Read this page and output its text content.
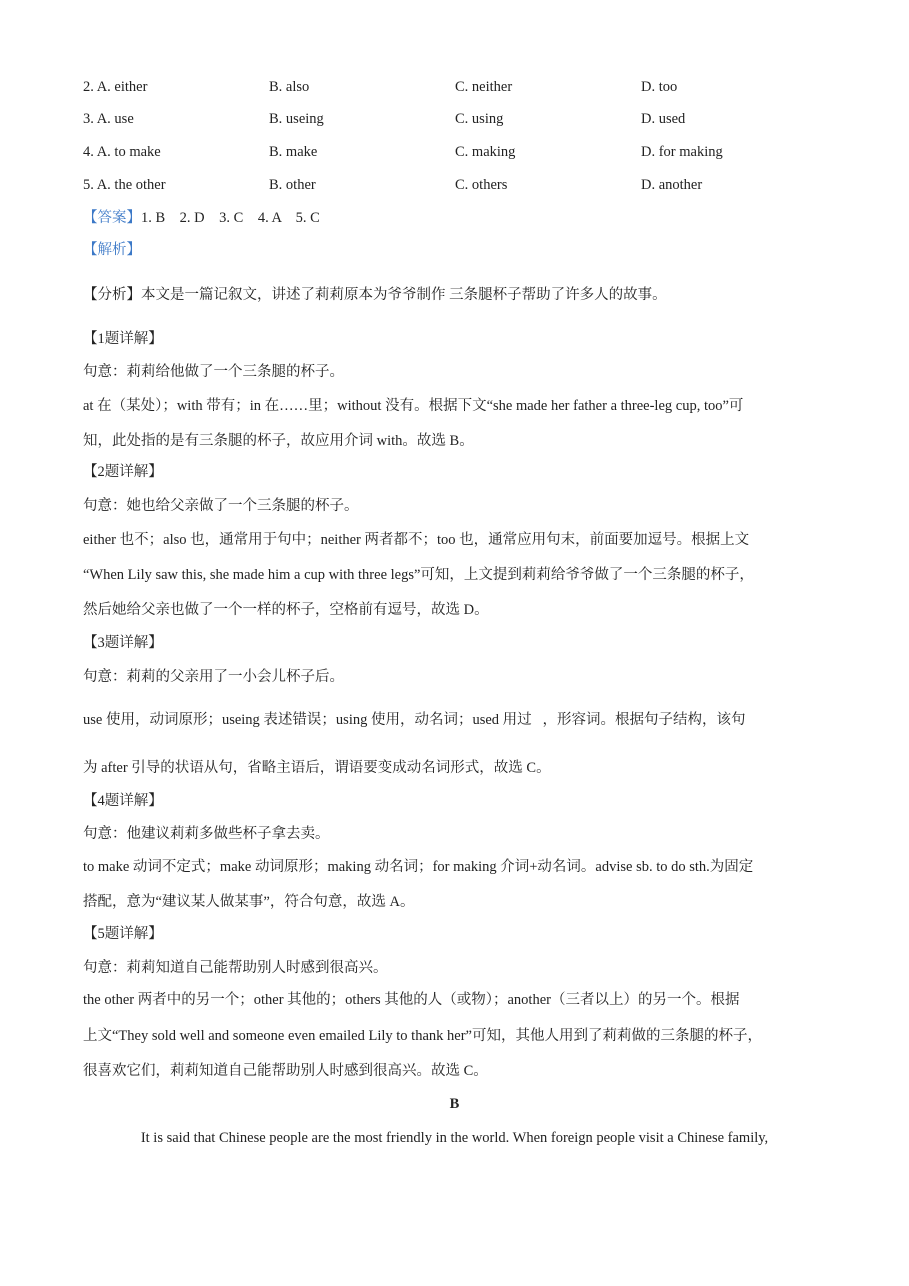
2. A. either	B. also	C. neither	D. too
3. A. use	B. useing	C. using	D. used
4. A. to make	B. make	C. making	D. for making
5. A. the other	B. other	C. others	D. another
【答案】1. B    2. D    3. C    4. A    5. C
【解析】
【分析】本文是一篇记叙文，讲述了莉莉原本为爷爷制作 三条腿杯子帮助了许多人的故事。
【1题详解】
句意：莉莉给他做了一个三条腿的杯子。
at 在（某处）；with 带有；in 在……里；without 没有。根据下文“she made her father a three-leg cup, too”可
知，此处指的是有三条腿的杯子，故应用介词 with。故选 B。
【2题详解】
句意：她也给父亲做了一个三条腿的杯子。
either 也不；also 也，通常用于句中；neither 两者都不；too 也，通常应用句末，前面要加逗号。根据上文
“When Lily saw this, she made him a cup with three legs”可知，上文提到莉莉给爷爷做了一个三条腿的杯子，
然后她给父亲也做了一个一样的杯子，空格前有逗号，故选 D。
【3题详解】
句意：莉莉的父亲用了一小会儿杯子后。
use 使用，动词原形；useing 表述错误；using 使用，动名词；used 用过   ，形容词。根据句子结构，该句
为 after 引导的状语从句，省略主语后，谓语要变成动名词形式，故选 C。
【4题详解】
句意：他建议莉莉多做些杯子拿去卖。
to make 动词不定式；make 动词原形；making 动名词；for making 介词+动名词。advise sb. to do sth.为固定
搭配，意为“建议某人做某事”，符合句意，故选 A。
【5题详解】
句意：莉莉知道自己能帮助别人时感到很高兴。
the other 两者中的另一个；other 其他的；others 其他的人（或物）；another（三者以上）的另一个。根据
上文“They sold well and someone even emailed Lily to thank her”可知，其他人用到了莉莉做的三条腿的杯子，
很喜欢它们，莉莉知道自己能帮助别人时感到很高兴。故选 C。
B
It is said that Chinese people are the most friendly in the world. When foreign people visit a Chinese family,
